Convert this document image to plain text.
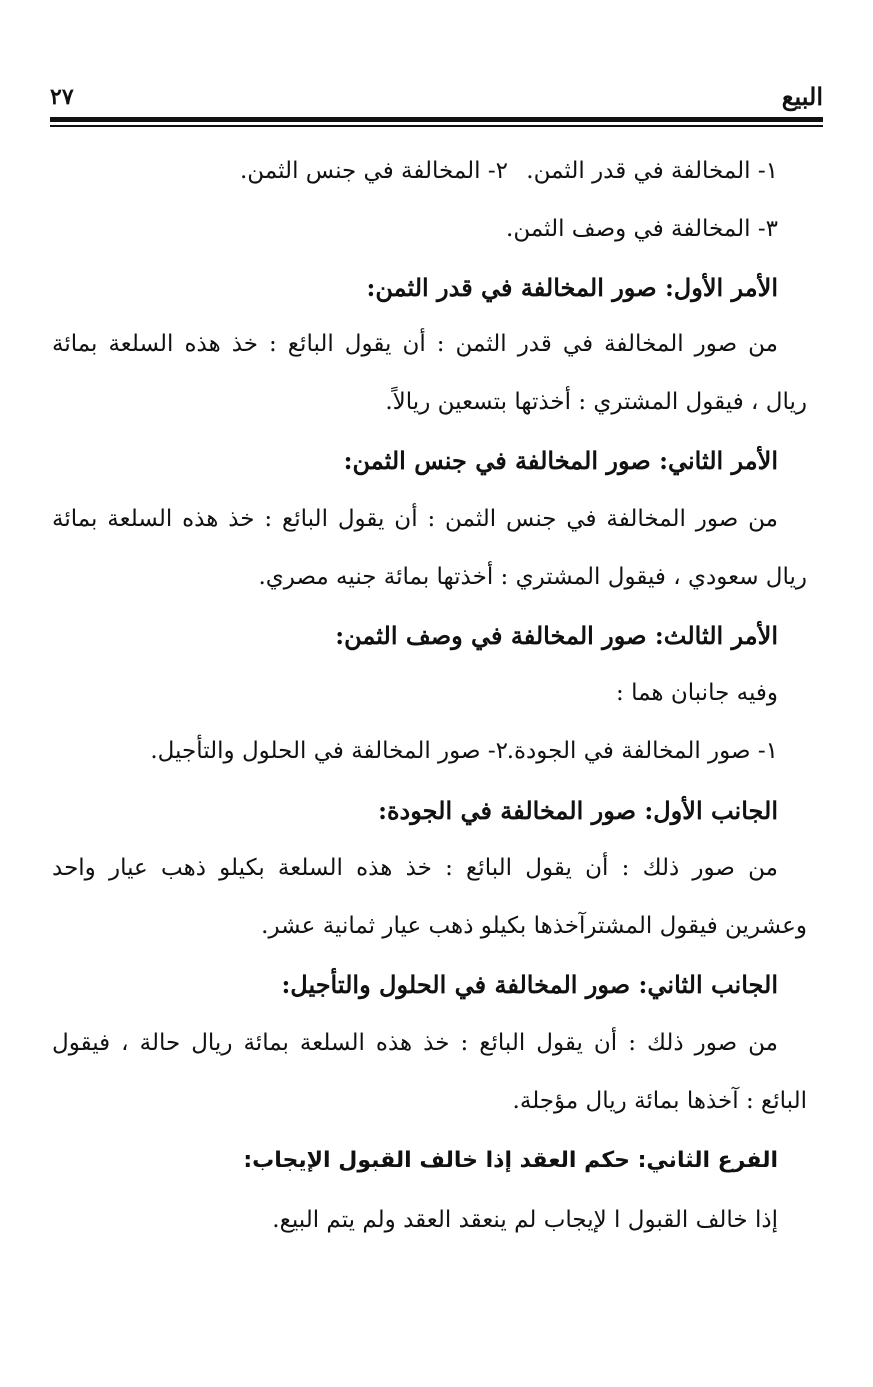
البيع
٢٧
١- المخالفة في قدر الثمن.٢- المخالفة في جنس الثمن.
٣- المخالفة في وصف الثمن.
الأمر الأول: صور المخالفة في قدر الثمن:
من صور المخالفة في قدر الثمن : أن يقول البائع : خذ هذه السلعة بمائة
ريال ، فيقول المشتري : أخذتها بتسعين ريالاً.
الأمر الثاني: صور المخالفة في جنس الثمن:
من صور المخالفة في جنس الثمن : أن يقول البائع : خذ هذه السلعة بمائة
ريال سعودي ، فيقول المشتري : أخذتها بمائة جنيه مصري.
الأمر الثالث: صور المخالفة في وصف الثمن:
وفيه جانبان هما :
١- صور المخالفة في الجودة.٢- صور المخالفة في الحلول والتأجيل.
الجانب الأول: صور المخالفة في الجودة:
من صور ذلك : أن يقول البائع : خذ هذه السلعة بكيلو ذهب عيار واحد
وعشرين فيقول المشترآخذها بكيلو ذهب عيار ثمانية عشر.
الجانب الثاني: صور المخالفة في الحلول والتأجيل:
من صور ذلك : أن يقول البائع : خذ هذه السلعة بمائة ريال حالة ، فيقول
البائع : آخذها بمائة ريال مؤجلة.
الفرع الثاني: حكم العقد إذا خالف القبول الإيجاب:
إذا خالف القبول ا لإيجاب لم ينعقد العقد ولم يتم البيع.
